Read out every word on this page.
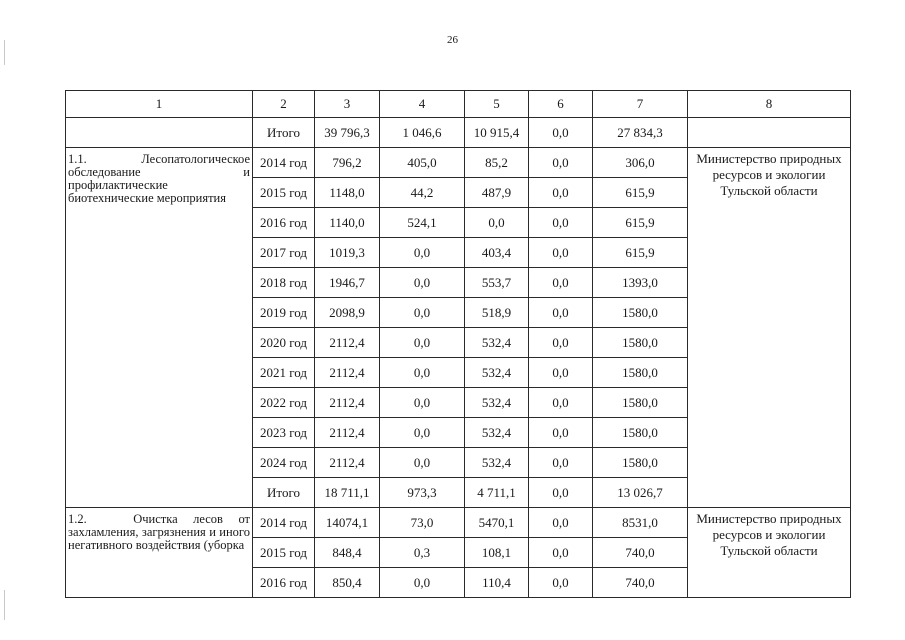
26
1	2	3	4	5	6	7	8
	Итого	39 796,3	1 046,6	10 915,4	0,0	27 834,3	
1.1.   Лесопатологическое обследование и профилактические биотехнические мероприятия	2014 год	796,2	405,0	85,2	0,0	306,0	Министерство природных ресурсов и экологии Тульской области
	2015 год	1148,0	44,2	487,9	0,0	615,9	
	2016 год	1140,0	524,1	0,0	0,0	615,9	
	2017 год	1019,3	0,0	403,4	0,0	615,9	
	2018 год	1946,7	0,0	553,7	0,0	1393,0	
	2019 год	2098,9	0,0	518,9	0,0	1580,0	
	2020 год	2112,4	0,0	532,4	0,0	1580,0	
	2021 год	2112,4	0,0	532,4	0,0	1580,0	
	2022 год	2112,4	0,0	532,4	0,0	1580,0	
	2023 год	2112,4	0,0	532,4	0,0	1580,0	
	2024 год	2112,4	0,0	532,4	0,0	1580,0	
	Итого	18 711,1	973,3	4 711,1	0,0	13 026,7	
1.2.   Очистка лесов от захламления, загрязнения и иного негативного воздействия (уборка	2014 год	14074,1	73,0	5470,1	0,0	8531,0	Министерство природных ресурсов и экологии Тульской области
	2015 год	848,4	0,3	108,1	0,0	740,0	
	2016 год	850,4	0,0	110,4	0,0	740,0	
